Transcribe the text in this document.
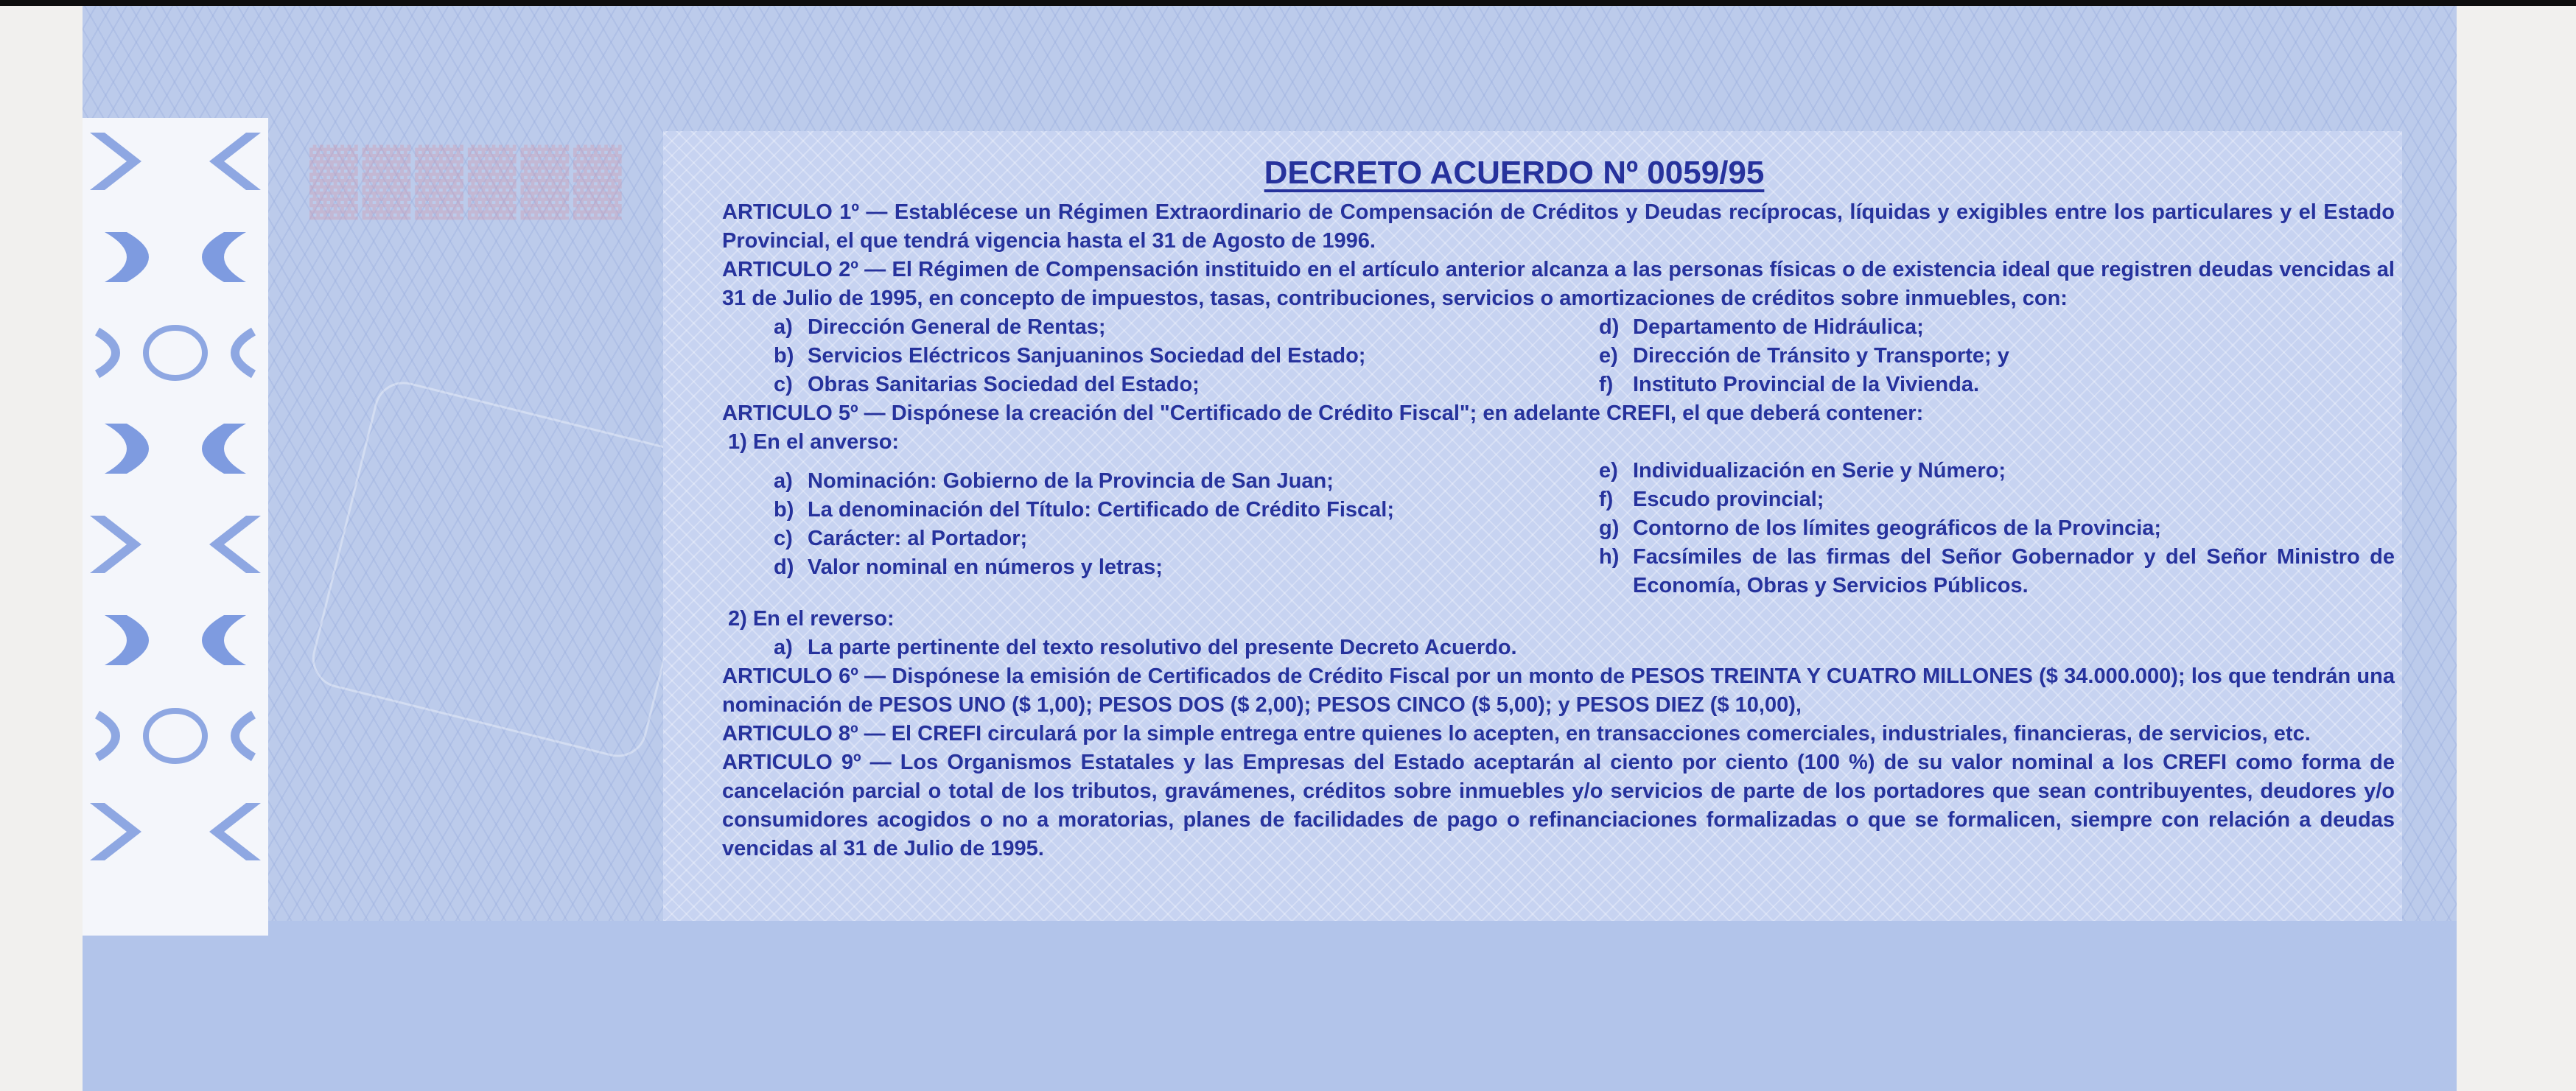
▓▓▓▓▓▓	DECRETO ACUERDO Nº 0059/95
ARTICULO 1º — Establécese un Régimen Extraordinario de Compensación de Créditos y Deudas recíprocas, líquidas y exigibles entre los particulares y el Estado Provincial, el que tendrá vigencia hasta el 31 de Agosto de 1996.
ARTICULO 2º — El Régimen de Compensación instituido en el artículo anterior alcanza a las personas físicas o de existencia ideal que registren deudas vencidas al 31 de Julio de 1995, en concepto de impuestos, tasas, contribuciones, servicios o amortizaciones de créditos sobre inmuebles, con:
a) Dirección General de Rentas;
b) Servicios Eléctricos Sanjuaninos Sociedad del Estado;
c) Obras Sanitarias Sociedad del Estado;
d) Departamento de Hidráulica;
e) Dirección de Tránsito y Transporte; y
f) Instituto Provincial de la Vivienda.
ARTICULO 5º — Dispónese la creación del "Certificado de Crédito Fiscal"; en adelante CREFI, el que deberá contener:
1) En el anverso:
a) Nominación: Gobierno de la Provincia de San Juan;
b) La denominación del Título: Certificado de Crédito Fiscal;
c) Carácter: al Portador;
d) Valor nominal en números y letras;
e) Individualización en Serie y Número;
f) Escudo provincial;
g) Contorno de los límites geográficos de la Provincia;
h) Facsímiles de las firmas del Señor Gobernador y del Señor Ministro de Economía, Obras y Servicios Públicos.
2) En el reverso:
a) La parte pertinente del texto resolutivo del presente Decreto Acuerdo.
ARTICULO 6º — Dispónese la emisión de Certificados de Crédito Fiscal por un monto de PESOS TREINTA Y CUATRO MILLONES ($ 34.000.000); los que tendrán una nominación de PESOS UNO ($ 1,00); PESOS DOS ($ 2,00); PESOS CINCO ($ 5,00); y PESOS DIEZ ($ 10,00),
ARTICULO 8º — El CREFI circulará por la simple entrega entre quienes lo acepten, en transacciones comerciales, industriales, financieras, de servicios, etc.
ARTICULO 9º — Los Organismos Estatales y las Empresas del Estado aceptarán al ciento por ciento (100 %) de su valor nominal a los CREFI como forma de cancelación parcial o total de los tributos, gravámenes, créditos sobre inmuebles y/o servicios de parte de los portadores que sean contribuyentes, deudores y/o consumidores acogidos o no a moratorias, planes de facilidades de pago o refinanciaciones formalizadas o que se formalicen, siempre con relación a deudas vencidas al 31 de Julio de 1995.
